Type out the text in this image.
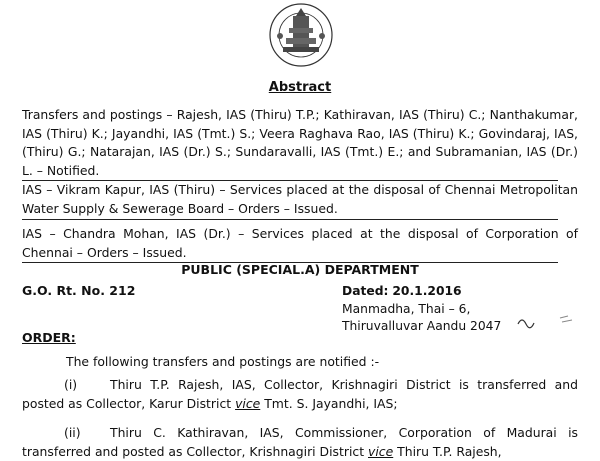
Abstract

Transfers and postings – Rajesh, IAS (Thiru) T.P.; Kathiravan, IAS (Thiru) C.; Nanthakumar, IAS (Thiru) K.; Jayandhi, IAS (Tmt.) S.; Veera Raghava Rao, IAS (Thiru) K.; Govindaraj, IAS, (Thiru) G.; Natarajan, IAS (Dr.) S.; Sundaravalli, IAS (Tmt.) E.; and Subramanian, IAS (Dr.) L. – Notified.

IAS – Vikram Kapur, IAS (Thiru) – Services placed at the disposal of Chennai Metropolitan Water Supply & Sewerage Board – Orders – Issued.

IAS – Chandra Mohan, IAS (Dr.) – Services placed at the disposal of Corporation of Chennai – Orders – Issued.

PUBLIC (SPECIAL.A) DEPARTMENT
G.O. Rt. No. 212	Dated: 20.1.2016
Manmadha, Thai – 6,
Thiruvalluvar Aandu 2047
ORDER:
The following transfers and postings are notified :-

(i)	Thiru T.P. Rajesh, IAS, Collector, Krishnagiri District is transferred and posted as Collector, Karur District vice Tmt. S. Jayandhi, IAS;

(ii) Thiru C. Kathiravan, IAS, Commissioner, Corporation of Madurai is transferred and posted as Collector, Krishnagiri District vice Thiru T.P. Rajesh,
